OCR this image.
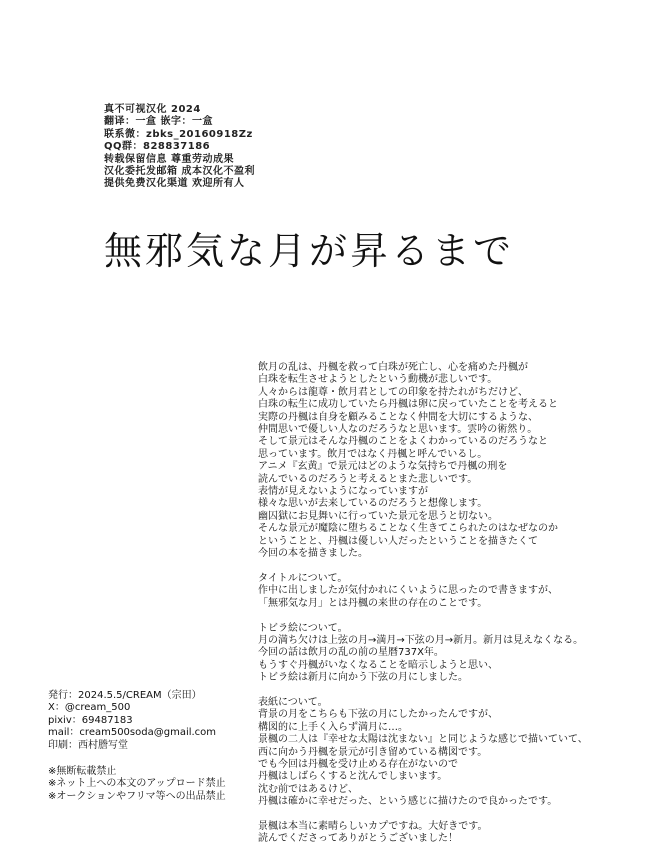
真不可视汉化 2024
翻译：一盒 嵌字：一盒
联系微：zbks_20160918Zz
QQ群：828837186
转载保留信息 尊重劳动成果
汉化委托发邮箱 成本汉化不盈利
提供免费汉化渠道 欢迎所有人
無邪気な月が昇るまで
飲月の乱は、丹楓を救って白珠が死亡し、心を痛めた丹楓が
白珠を転生させようとしたという動機が悲しいです。
人々からは龍尊・飲月君としての印象を持たれがちだけど、
白珠の転生に成功していたら丹楓は卵に戻っていたことを考えると
実際の丹楓は自身を顧みることなく仲間を大切にするような、
仲間思いで優しい人なのだろうなと思います。雲吟の術然り。
そして景元はそんな丹楓のことをよくわかっているのだろうなと
思っています。飲月ではなく丹楓と呼んでいるし。
アニメ『玄黄』で景元はどのような気持ちで丹楓の刑を
読んでいるのだろうと考えるとまた悲しいです。
表情が見えないようになっていますが
様々な思いが去来しているのだろうと想像します。
幽囚獄にお見舞いに行っていた景元を思うと切ない。
そんな景元が魔陰に堕ちることなく生きてこられたのはなぜなのか
ということと、丹楓は優しい人だったということを描きたくて
今回の本を描きました。
タイトルについて。
作中に出しましたが気付かれにくいように思ったので書きますが、
「無邪気な月」とは丹楓の来世の存在のことです。
トビラ絵について。
月の満ち欠けは上弦の月→満月→下弦の月→新月。新月は見えなくなる。
今回の話は飲月の乱の前の星暦737X年。
もうすぐ丹楓がいなくなることを暗示しようと思い、
トビラ絵は新月に向かう下弦の月にしました。
表紙について。
背景の月をこちらも下弦の月にしたかったんですが、
構図的に上手く入らず満月に…。
景楓の二人は『幸せな太陽は沈まない』と同じような感じで描いていて、
西に向かう丹楓を景元が引き留めている構図です。
でも今回は丹楓を受け止める存在がないので
丹楓はしばらくすると沈んでしまいます。
沈む前ではあるけど、
丹楓は確かに幸せだった、という感じに描けたので良かったです。
景楓は本当に素晴らしいカプですね。大好きです。
読んでくださってありがとうございました！
発行：2024.5.5/CREAM（宗田）
X：@cream_500
pixiv：69487183
mail：cream500soda@gmail.com
印刷：西村謄写堂
※無断転載禁止
※ネット上への本文のアップロード禁止
※オークションやフリマ等への出品禁止
